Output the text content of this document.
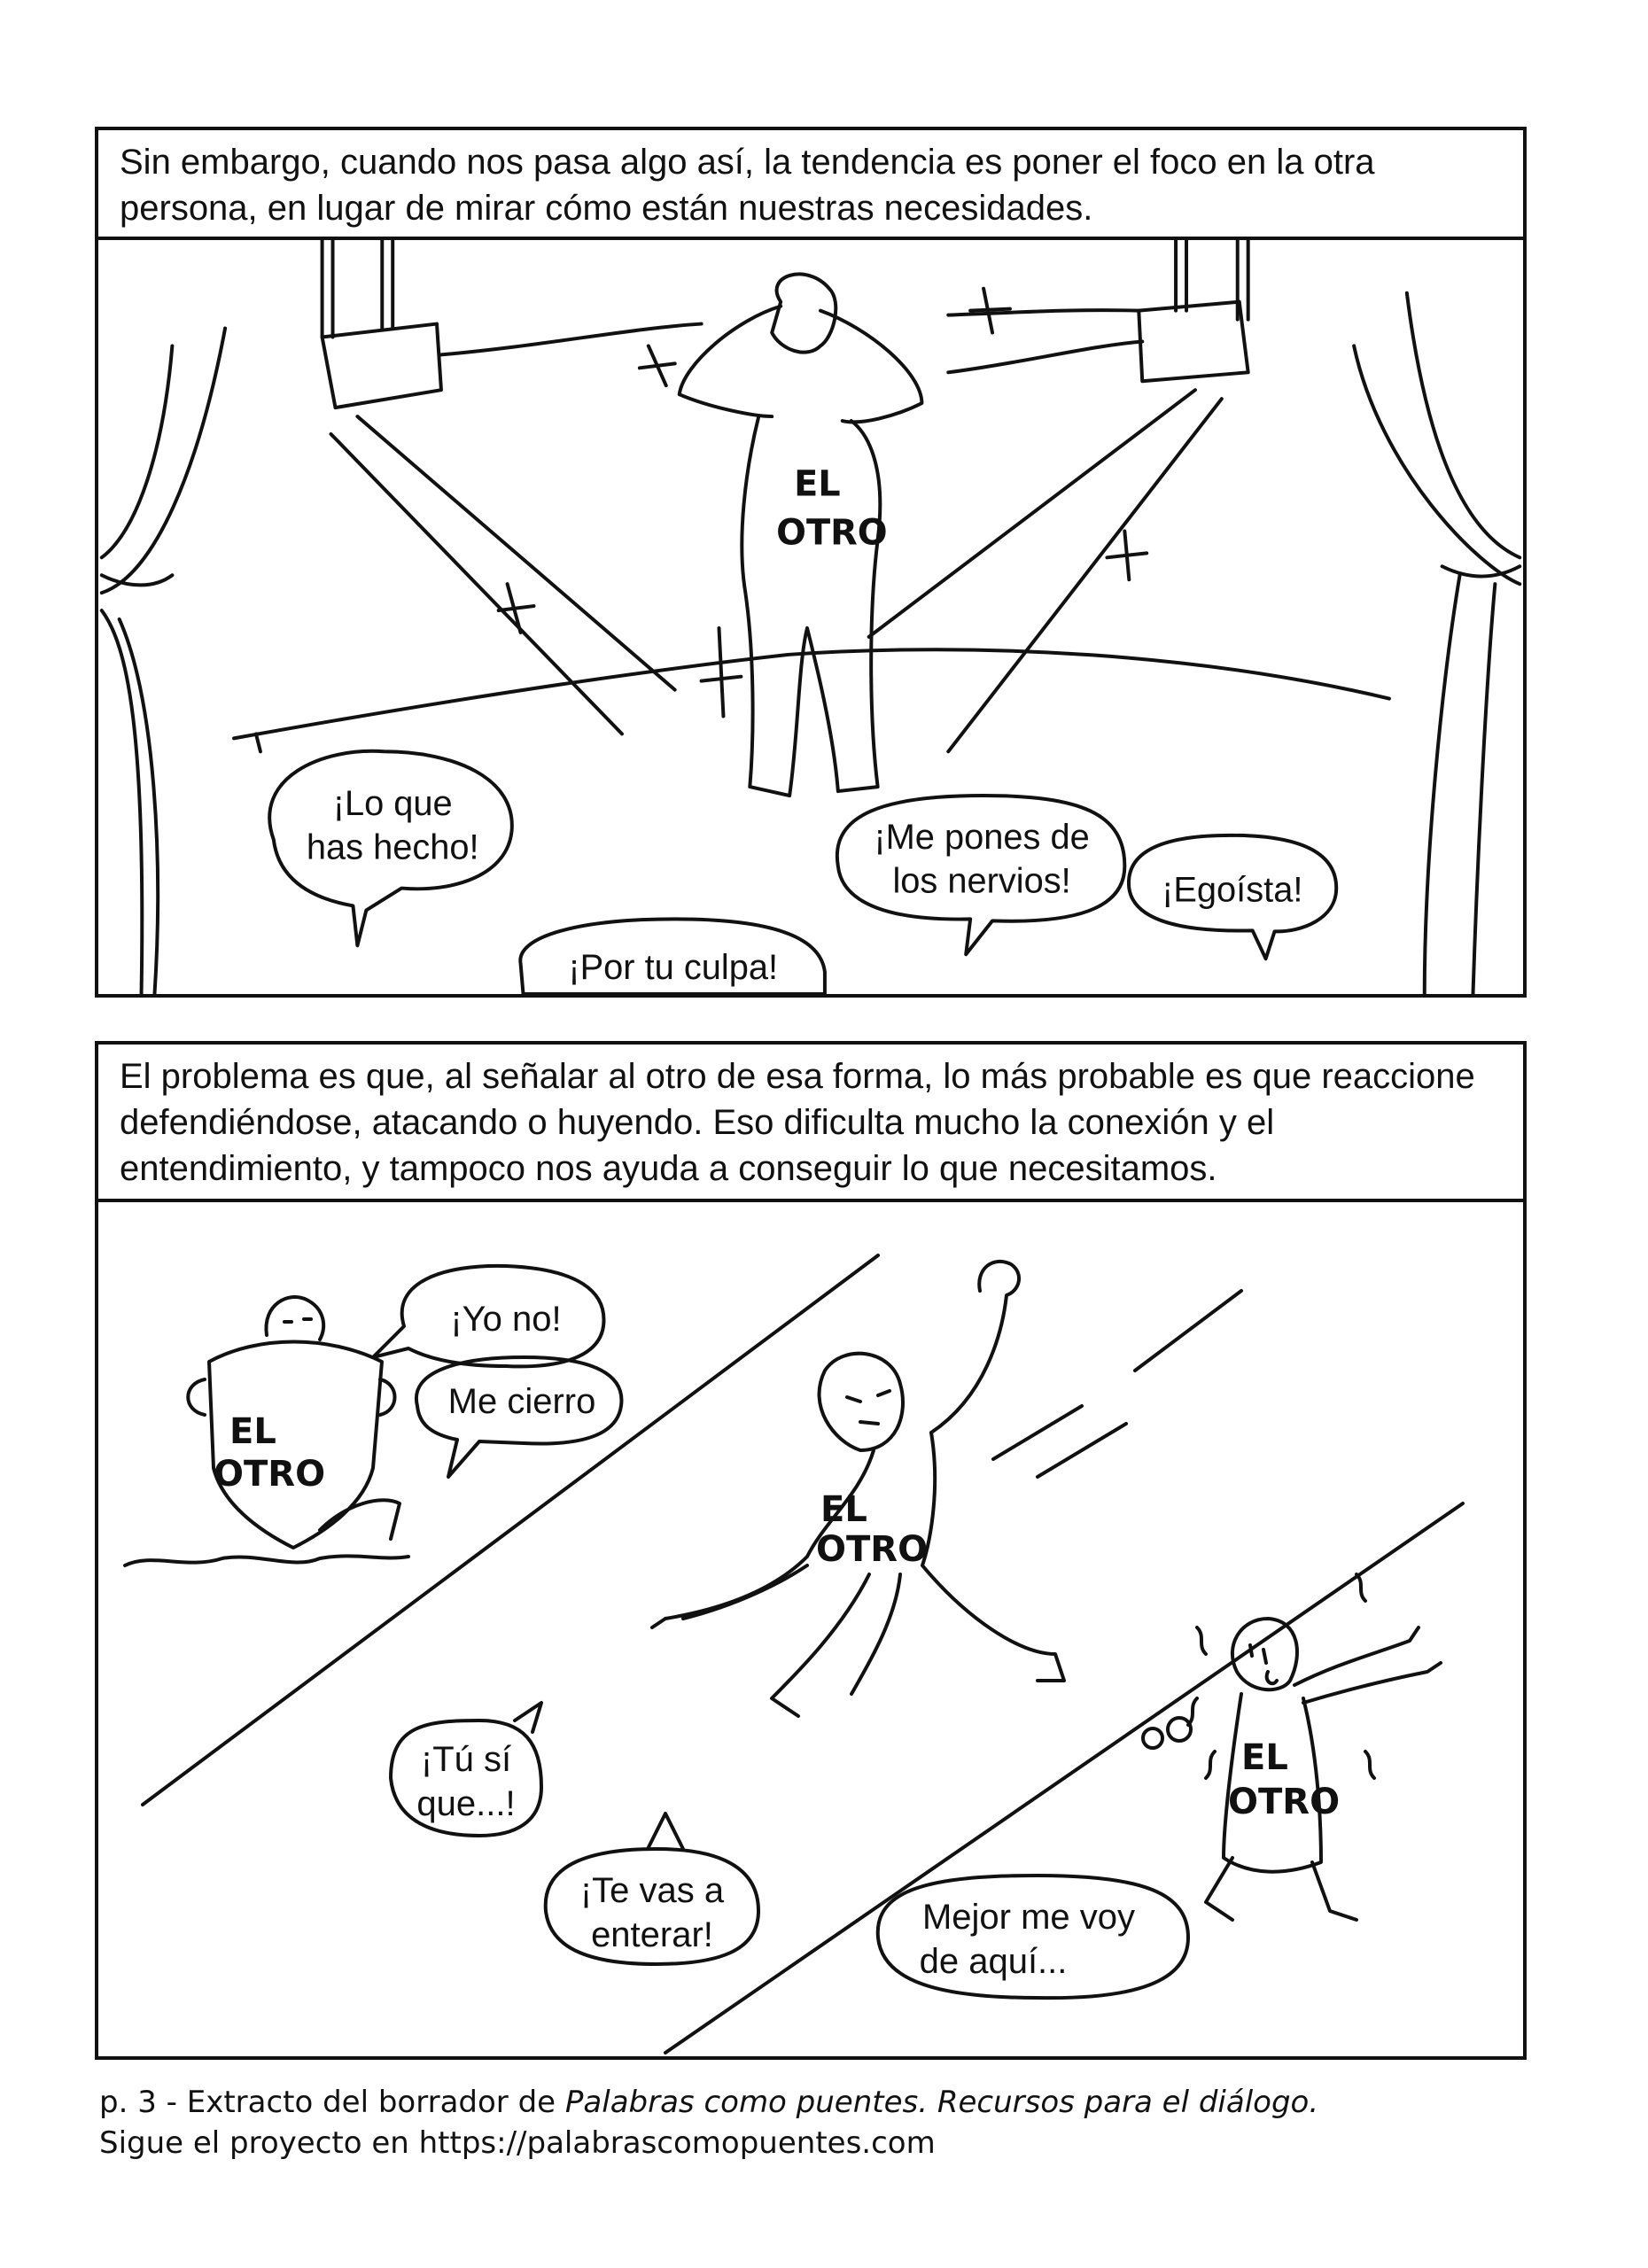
Sin embargo, cuando nos pasa algo así, la tendencia es poner el foco en la otra persona, en lugar de mirar cómo están nuestras necesidades.
EL
OTRO
¡Lo que
has hecho!
¡Por tu culpa!
¡Me pones de
los nervios!	¡Egoísta!
El problema es que, al señalar al otro de esa forma, lo más probable es que reaccione defendiéndose, atacando o huyendo. Eso dificulta mucho la conexión y el entendimiento, y tampoco nos ayuda a conseguir lo que necesitamos.
EL
OTRO
EL
OTRO
EL
OTRO
¡Yo no!
Me cierro
¡Tú sí
que...!
¡Te vas a
enterar!	Mejor me voy
de aquí...
p. 3 - Extracto del borrador de Palabras como puentes. Recursos para el diálogo.
Sigue el proyecto en https://palabrascomopuentes.com
